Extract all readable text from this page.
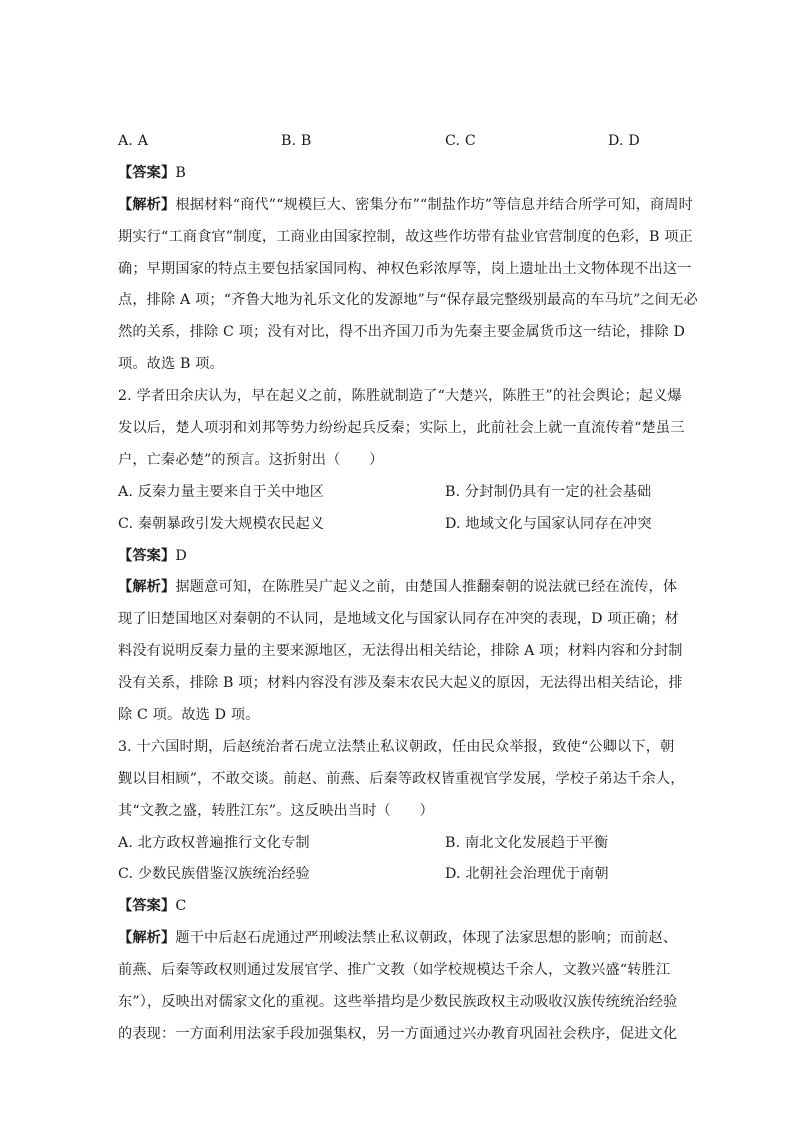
A. A	B. B	C. C	D. D
【答案】B
【解析】根据材料“商代”“规模巨大、密集分布”“制盐作坊”等信息并结合所学可知，商周时
期实行“工商食官”制度，工商业由国家控制，故这些作坊带有盐业官营制度的色彩，B 项正
确；早期国家的特点主要包括家国同构、神权色彩浓厚等，岗上遗址出土文物体现不出这一
点，排除 A 项；“齐鲁大地为礼乐文化的发源地”与“保存最完整级别最高的车马坑”之间无必
然的关系，排除 C 项；没有对比，得不出齐国刀币为先秦主要金属货币这一结论，排除 D
项。故选 B 项。
2. 学者田余庆认为，早在起义之前，陈胜就制造了“大楚兴，陈胜王”的社会舆论；起义爆
发以后，楚人项羽和刘邦等势力纷纷起兵反秦；实际上，此前社会上就一直流传着“楚虽三
户，亡秦必楚”的预言。这折射出（　　）
A. 反秦力量主要来自于关中地区	B. 分封制仍具有一定的社会基础
C. 秦朝暴政引发大规模农民起义	D. 地域文化与国家认同存在冲突
【答案】D
【解析】据题意可知，在陈胜吴广起义之前，由楚国人推翻秦朝的说法就已经在流传，体
现了旧楚国地区对秦朝的不认同，是地域文化与国家认同存在冲突的表现，D 项正确；材
料没有说明反秦力量的主要来源地区，无法得出相关结论，排除 A 项；材料内容和分封制
没有关系，排除 B 项；材料内容没有涉及秦末农民大起义的原因，无法得出相关结论，排
除 C 项。故选 D 项。
3. 十六国时期，后赵统治者石虎立法禁止私议朝政，任由民众举报，致使“公卿以下，朝
觐以目相顾”，不敢交谈。前赵、前燕、后秦等政权皆重视官学发展，学校子弟达千余人，
其“文教之盛，转胜江东”。这反映出当时（　　）
A. 北方政权普遍推行文化专制	B. 南北文化发展趋于平衡
C. 少数民族借鉴汉族统治经验	D. 北朝社会治理优于南朝
【答案】C
【解析】题干中后赵石虎通过严刑峻法禁止私议朝政，体现了法家思想的影响；而前赵、
前燕、后秦等政权则通过发展官学、推广文教（如学校规模达千余人，文教兴盛“转胜江
东”），反映出对儒家文化的重视。这些举措均是少数民族政权主动吸收汉族传统统治经验
的表现：一方面利用法家手段加强集权，另一方面通过兴办教育巩固社会秩序，促进文化
